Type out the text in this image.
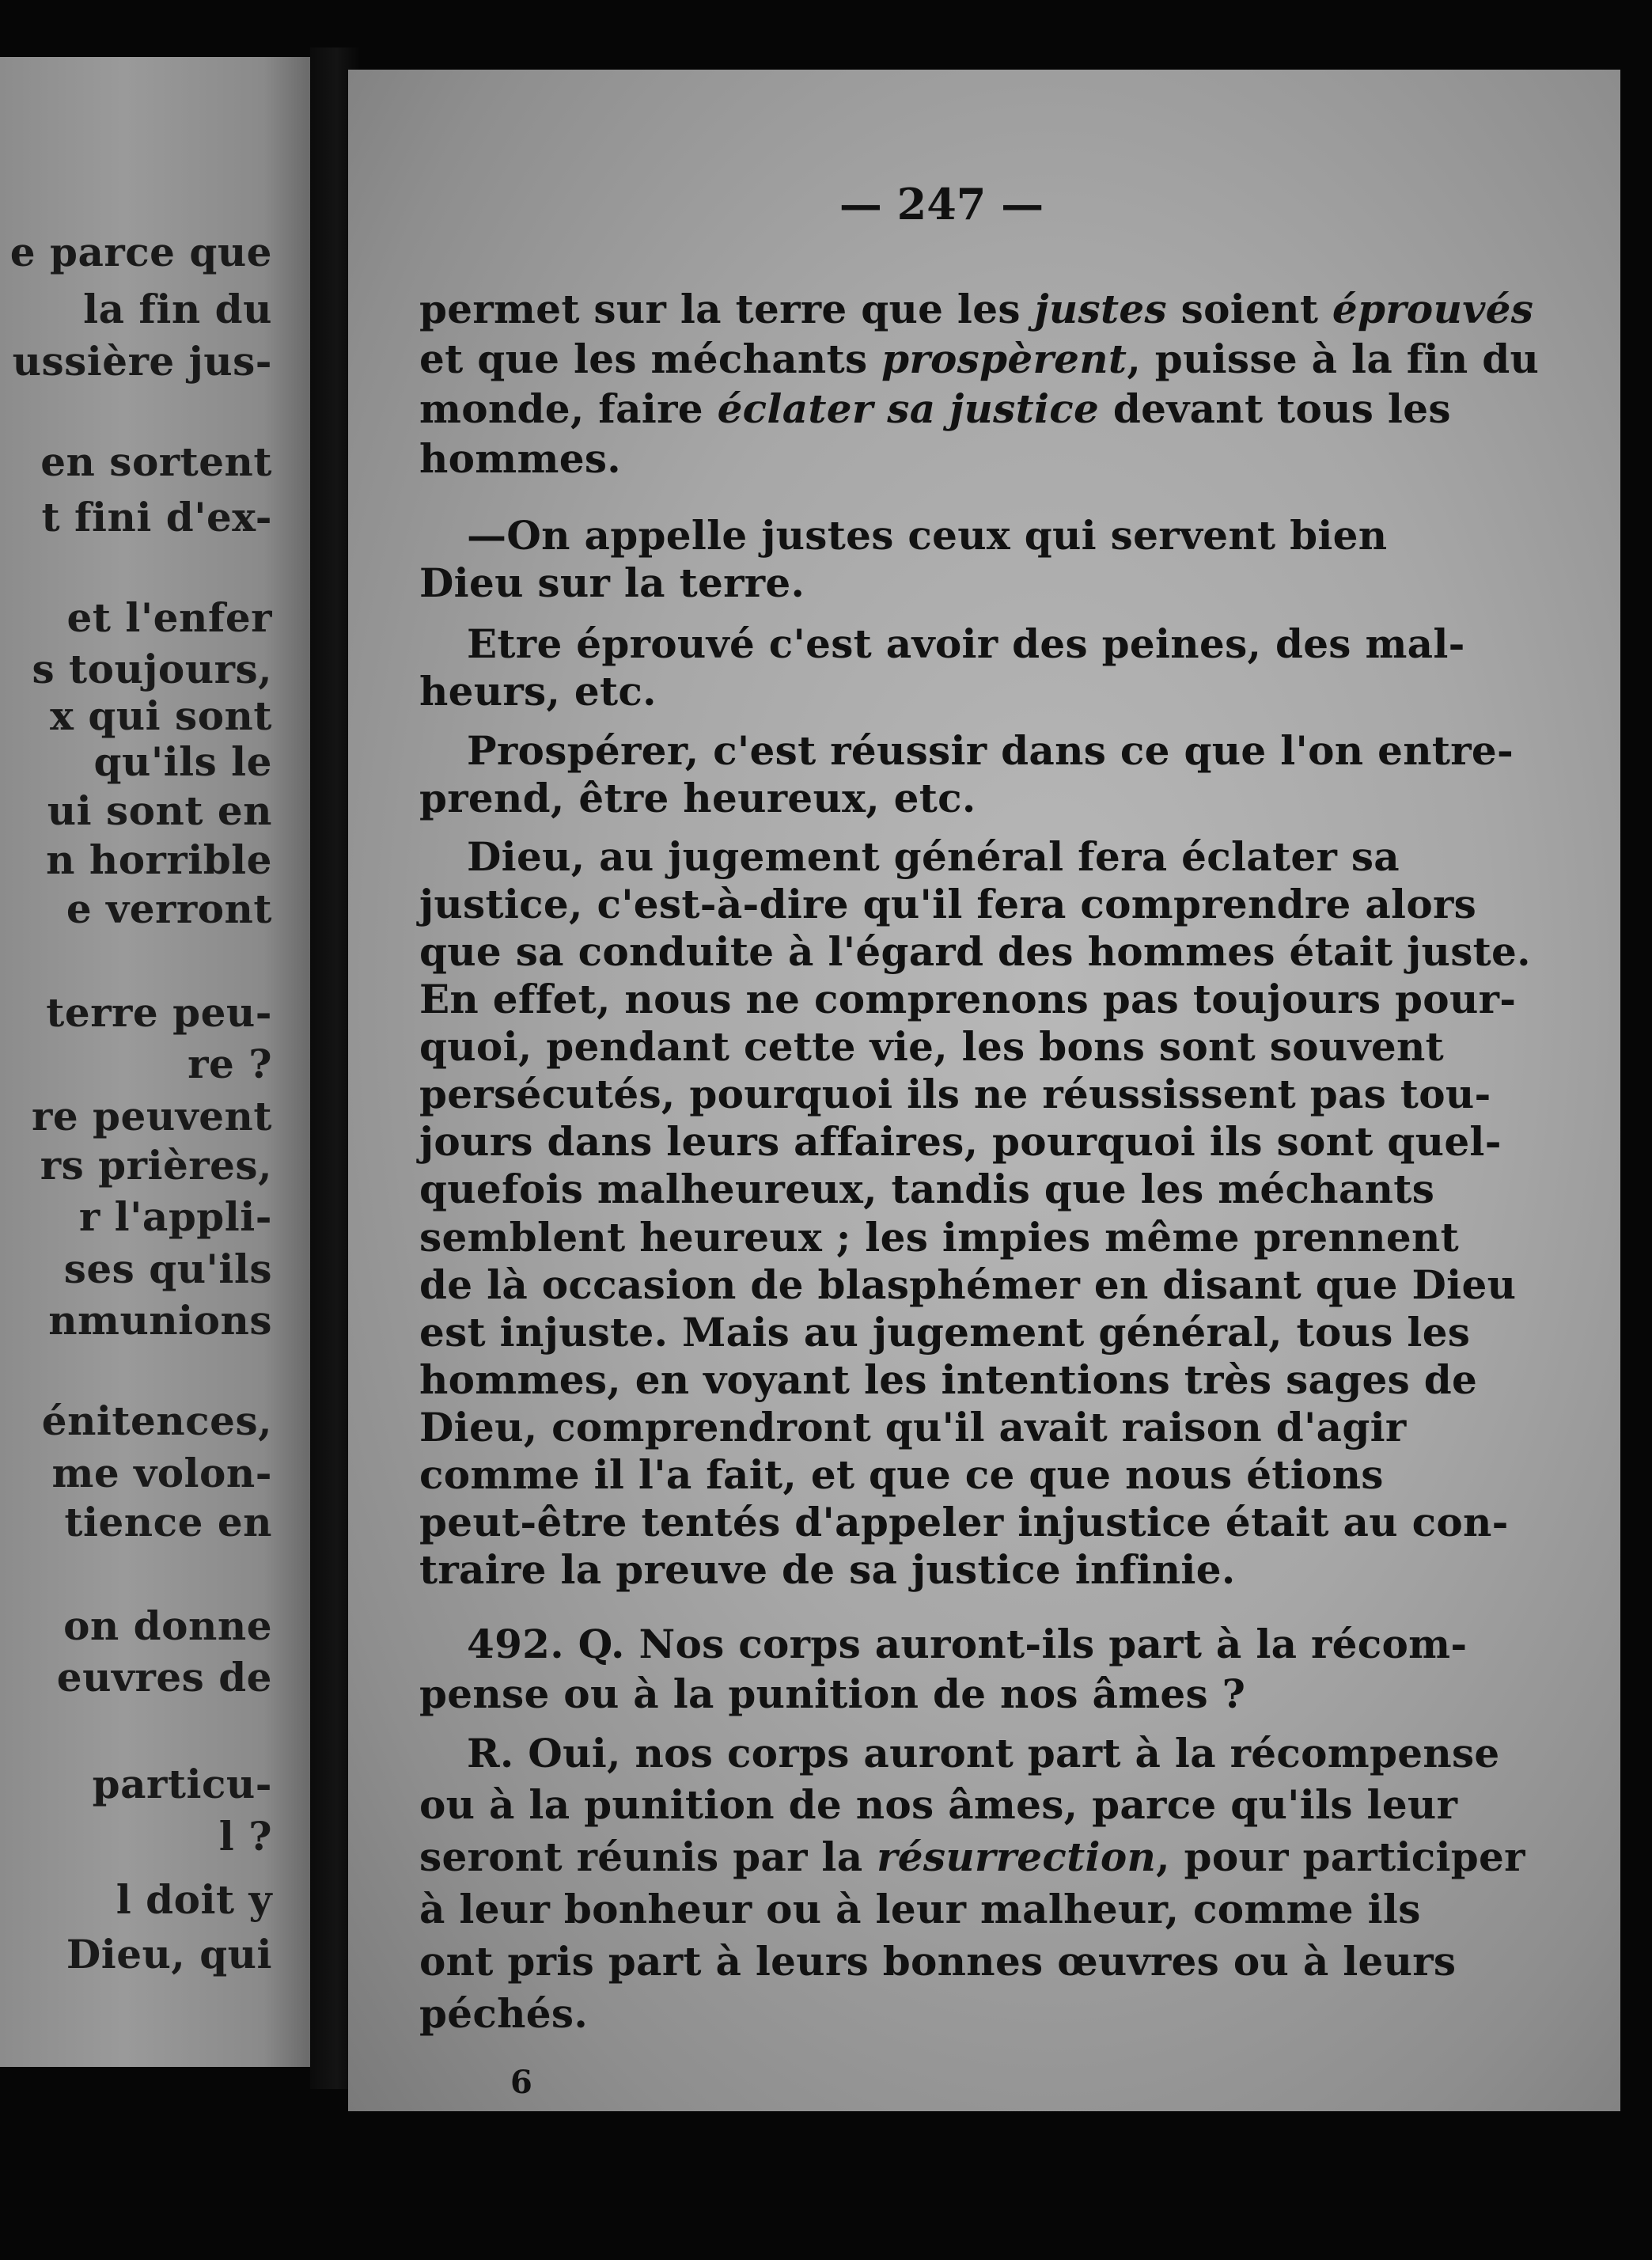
e parce que
la fin du
ussière jus-
en sortent
t fini d'ex-
et l'enfer
s toujours,
x qui sont
qu'ils le
ui sont en
n horrible
e verront
terre peu-
re ?
re peuvent
rs prières,
r l'appli-
ses qu'ils
nmunions
énitences,
me volon-
tience en
on donne
euvres de
particu-
l ?
l doit y
Dieu, qui
— 247 —
6
permet sur la terre que les justes soient éprouvés
et que les méchants prospèrent, puisse à la fin du
monde, faire éclater sa justice devant tous les
hommes.
—On appelle justes ceux qui servent bien
Dieu sur la terre.
Etre éprouvé c'est avoir des peines, des mal-
heurs, etc.
Prospérer, c'est réussir dans ce que l'on entre-
prend, être heureux, etc.
Dieu, au jugement général fera éclater sa
justice, c'est-à-dire qu'il fera comprendre alors
que sa conduite à l'égard des hommes était juste.
En effet, nous ne comprenons pas toujours pour-
quoi, pendant cette vie, les bons sont souvent
persécutés, pourquoi ils ne réussissent pas tou-
jours dans leurs affaires, pourquoi ils sont quel-
quefois malheureux, tandis que les méchants
semblent heureux ; les impies même prennent
de là occasion de blasphémer en disant que Dieu
est injuste. Mais au jugement général, tous les
hommes, en voyant les intentions très sages de
Dieu, comprendront qu'il avait raison d'agir
comme il l'a fait, et que ce que nous étions
peut-être tentés d'appeler injustice était au con-
traire la preuve de sa justice infinie.
492. Q. Nos corps auront-ils part à la récom-
pense ou à la punition de nos âmes ?
R. Oui, nos corps auront part à la récompense
ou à la punition de nos âmes, parce qu'ils leur
seront réunis par la résurrection, pour participer
à leur bonheur ou à leur malheur, comme ils
ont pris part à leurs bonnes œuvres ou à leurs
péchés.
